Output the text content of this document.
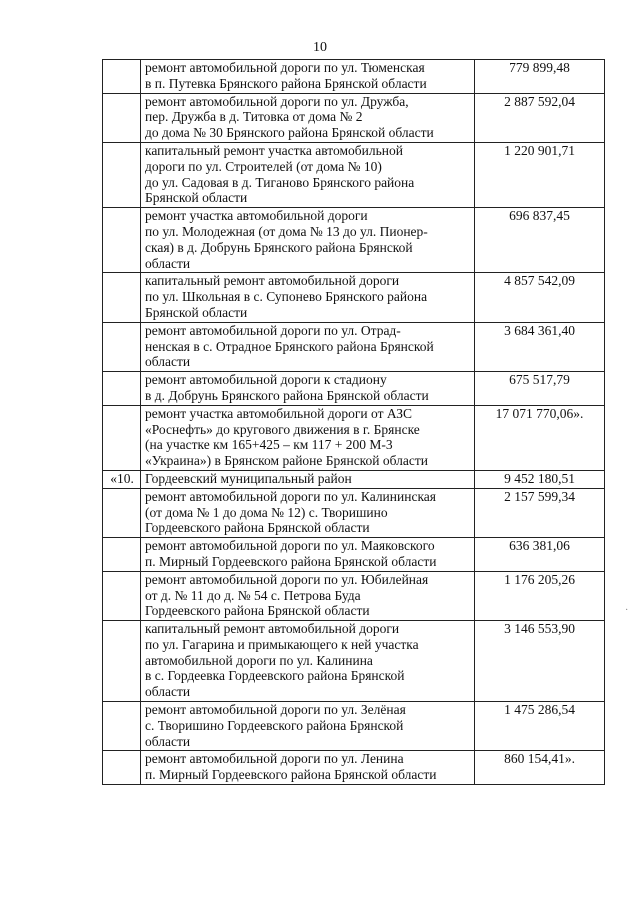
10

	ремонт автомобильной дороги по ул. Тюменская
в п. Путевка Брянского района Брянской области	779 899,48

	ремонт автомобильной дороги по ул. Дружба,
пер. Дружба в д. Титовка от дома № 2
до дома № 30 Брянского района Брянской области	2 887 592,04

	капитальный ремонт участка автомобильной
дороги по ул. Строителей (от дома № 10)
до ул. Садовая в д. Тиганово Брянского района
Брянской области	1 220 901,71

	ремонт участка автомобильной дороги
по ул. Молодежная (от дома № 13 до ул. Пионер-
ская) в д. Добрунь Брянского района Брянской
области	696 837,45

	капитальный ремонт автомобильной дороги
по ул. Школьная в с. Супонево Брянского района
Брянской области	4 857 542,09

	ремонт автомобильной дороги по ул. Отрад-
ненская в с. Отрадное Брянского района Брянской
области	3 684 361,40

	ремонт автомобильной дороги к стадиону
в д. Добрунь Брянского района Брянской области	675 517,79

	ремонт участка автомобильной дороги от АЗС
«Роснефть» до кругового движения в г. Брянске
(на участке км 165+425 – км 117 + 200 М-3
«Украина») в Брянском районе Брянской области	17 071 770,06».
«10.	Гордеевский муниципальный район	9 452 180,51

	ремонт автомобильной дороги по ул. Калининская
(от дома № 1 до дома № 12) с. Творишино
Гордеевского района Брянской области	2 157 599,34

	ремонт автомобильной дороги по ул. Маяковского
п. Мирный Гордеевского района Брянской области	636 381,06

	ремонт автомобильной дороги по ул. Юбилейная
от д. № 11 до д. № 54 с. Петрова Буда
Гордеевского района Брянской области	1 176 205,26

	капитальный ремонт автомобильной дороги
по ул. Гагарина и примыкающего к ней участка
автомобильной дороги по ул. Калинина
в с. Гордеевка Гордеевского района Брянской
области	3 146 553,90

	ремонт автомобильной дороги по ул. Зелёная
с. Творишино Гордеевского района Брянской
области	1 475 286,54

	ремонт автомобильной дороги по ул. Ленина
п. Мирный Гордеевского района Брянской области	860 154,41».
·
